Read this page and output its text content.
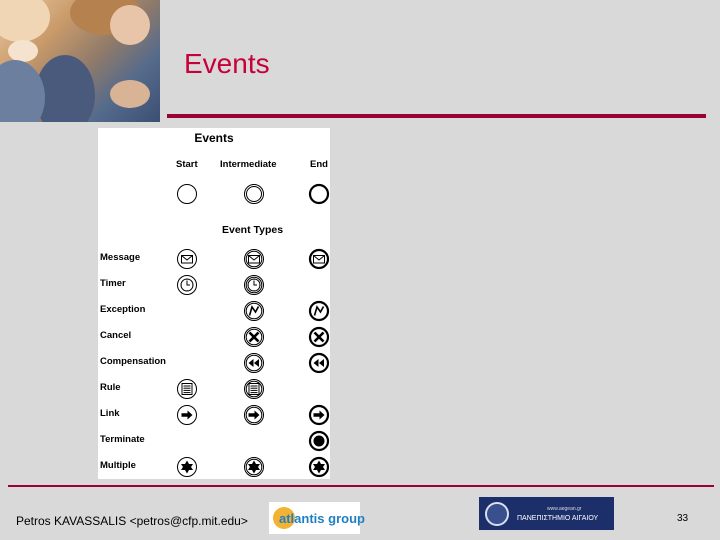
Events
Events
Start Intermediate	End
Event Types
Message
Timer
Exception
Cancel
Compensation
Rule
Link
Terminate
Multiple
Petros KAVASSALIS <petros@cfp.mit.edu> atlantis group
www.aegean.gr
ΠΑΝΕΠΙΣΤΗΜΙΟ ΑΙΓΑΙΟΥ	33
